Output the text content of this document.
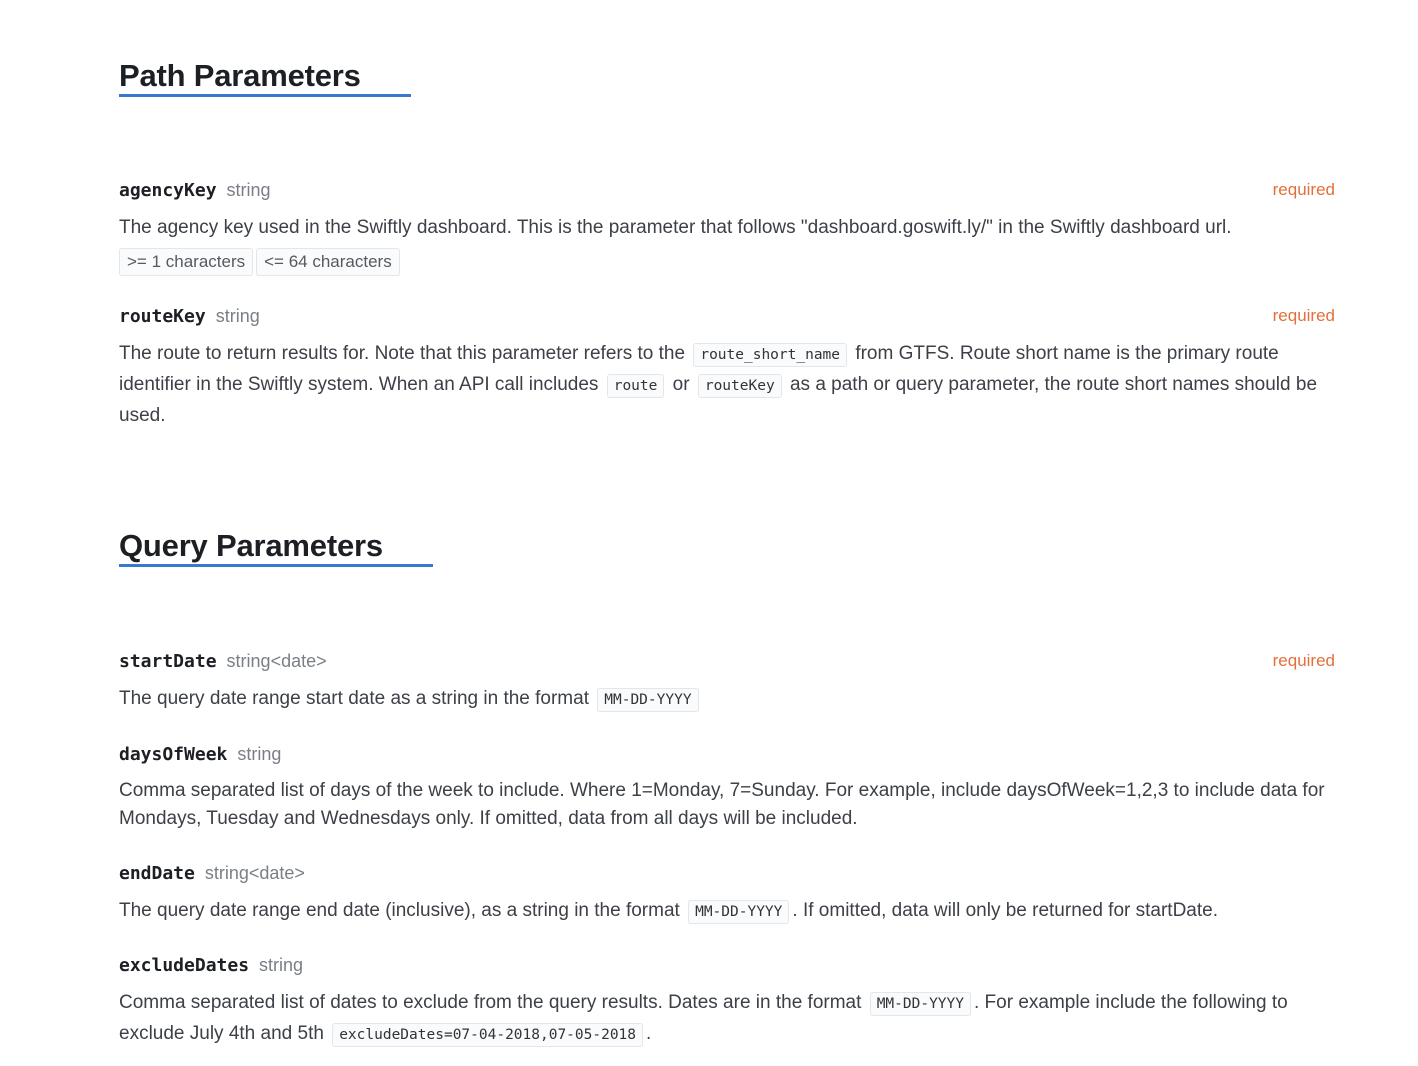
Path Parameters
agencyKey string	required
The agency key used in the Swiftly dashboard. This is the parameter that follows "dashboard.goswift.ly/" in the Swiftly dashboard url.
>= 1 characters <= 64 characters
routeKey string	required
The route to return results for. Note that this parameter refers to the route_short_name from GTFS. Route short name is the primary route identifier in the Swiftly system. When an API call includes route or routeKey as a path or query parameter, the route short names should be used.
Query Parameters
startDate string<date>	required
The query date range start date as a string in the format MM-DD-YYYY
daysOfWeek string
Comma separated list of days of the week to include. Where 1=Monday, 7=Sunday. For example, include daysOfWeek=1,2,3 to include data for Mondays, Tuesday and Wednesdays only. If omitted, data from all days will be included.
endDate string<date>
The query date range end date (inclusive), as a string in the format MM-DD-YYYY . If omitted, data will only be returned for startDate.
excludeDates string
Comma separated list of dates to exclude from the query results. Dates are in the format MM-DD-YYYY . For example include the following to exclude July 4th and 5th excludeDates=07-04-2018,07-05-2018 .
